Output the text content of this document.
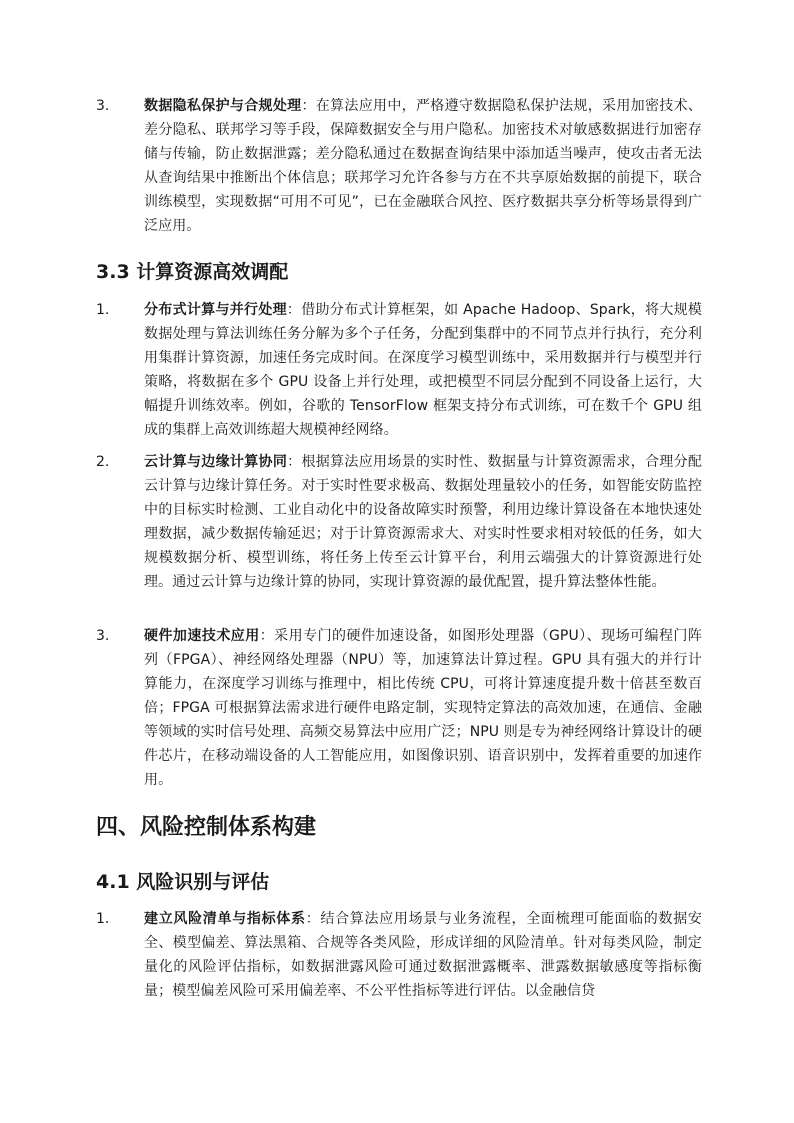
3. 数据隐私保护与合规处理：在算法应用中，严格遵守数据隐私保护法规，采用加密技术、差分隐私、联邦学习等手段，保障数据安全与用户隐私。加密技术对敏感数据进行加密存储与传输，防止数据泄露；差分隐私通过在数据查询结果中添加适当噪声，使攻击者无法从查询结果中推断出个体信息；联邦学习允许各参与方在不共享原始数据的前提下，联合训练模型，实现数据“可用不可见”，已在金融联合风控、医疗数据共享分析等场景得到广泛应用。
3.3 计算资源高效调配
1. 分布式计算与并行处理：借助分布式计算框架，如 Apache Hadoop、Spark，将大规模数据处理与算法训练任务分解为多个子任务，分配到集群中的不同节点并行执行，充分利用集群计算资源，加速任务完成时间。在深度学习模型训练中，采用数据并行与模型并行策略，将数据在多个 GPU 设备上并行处理，或把模型不同层分配到不同设备上运行，大幅提升训练效率。例如，谷歌的 TensorFlow 框架支持分布式训练，可在数千个 GPU 组成的集群上高效训练超大规模神经网络。
2. 云计算与边缘计算协同：根据算法应用场景的实时性、数据量与计算资源需求，合理分配云计算与边缘计算任务。对于实时性要求极高、数据处理量较小的任务，如智能安防监控中的目标实时检测、工业自动化中的设备故障实时预警，利用边缘计算设备在本地快速处理数据，减少数据传输延迟；对于计算资源需求大、对实时性要求相对较低的任务，如大规模数据分析、模型训练，将任务上传至云计算平台，利用云端强大的计算资源进行处理。通过云计算与边缘计算的协同，实现计算资源的最优配置，提升算法整体性能。
3. 硬件加速技术应用：采用专门的硬件加速设备，如图形处理器（GPU）、现场可编程门阵列（FPGA）、神经网络处理器（NPU）等，加速算法计算过程。GPU 具有强大的并行计算能力，在深度学习训练与推理中，相比传统 CPU，可将计算速度提升数十倍甚至数百倍；FPGA 可根据算法需求进行硬件电路定制，实现特定算法的高效加速，在通信、金融等领域的实时信号处理、高频交易算法中应用广泛；NPU 则是专为神经网络计算设计的硬件芯片，在移动端设备的人工智能应用，如图像识别、语音识别中，发挥着重要的加速作用。
四、风险控制体系构建
4.1 风险识别与评估
1. 建立风险清单与指标体系：结合算法应用场景与业务流程，全面梳理可能面临的数据安全、模型偏差、算法黑箱、合规等各类风险，形成详细的风险清单。针对每类风险，制定量化的风险评估指标，如数据泄露风险可通过数据泄露概率、泄露数据敏感度等指标衡量；模型偏差风险可采用偏差率、不公平性指标等进行评估。以金融信贷
